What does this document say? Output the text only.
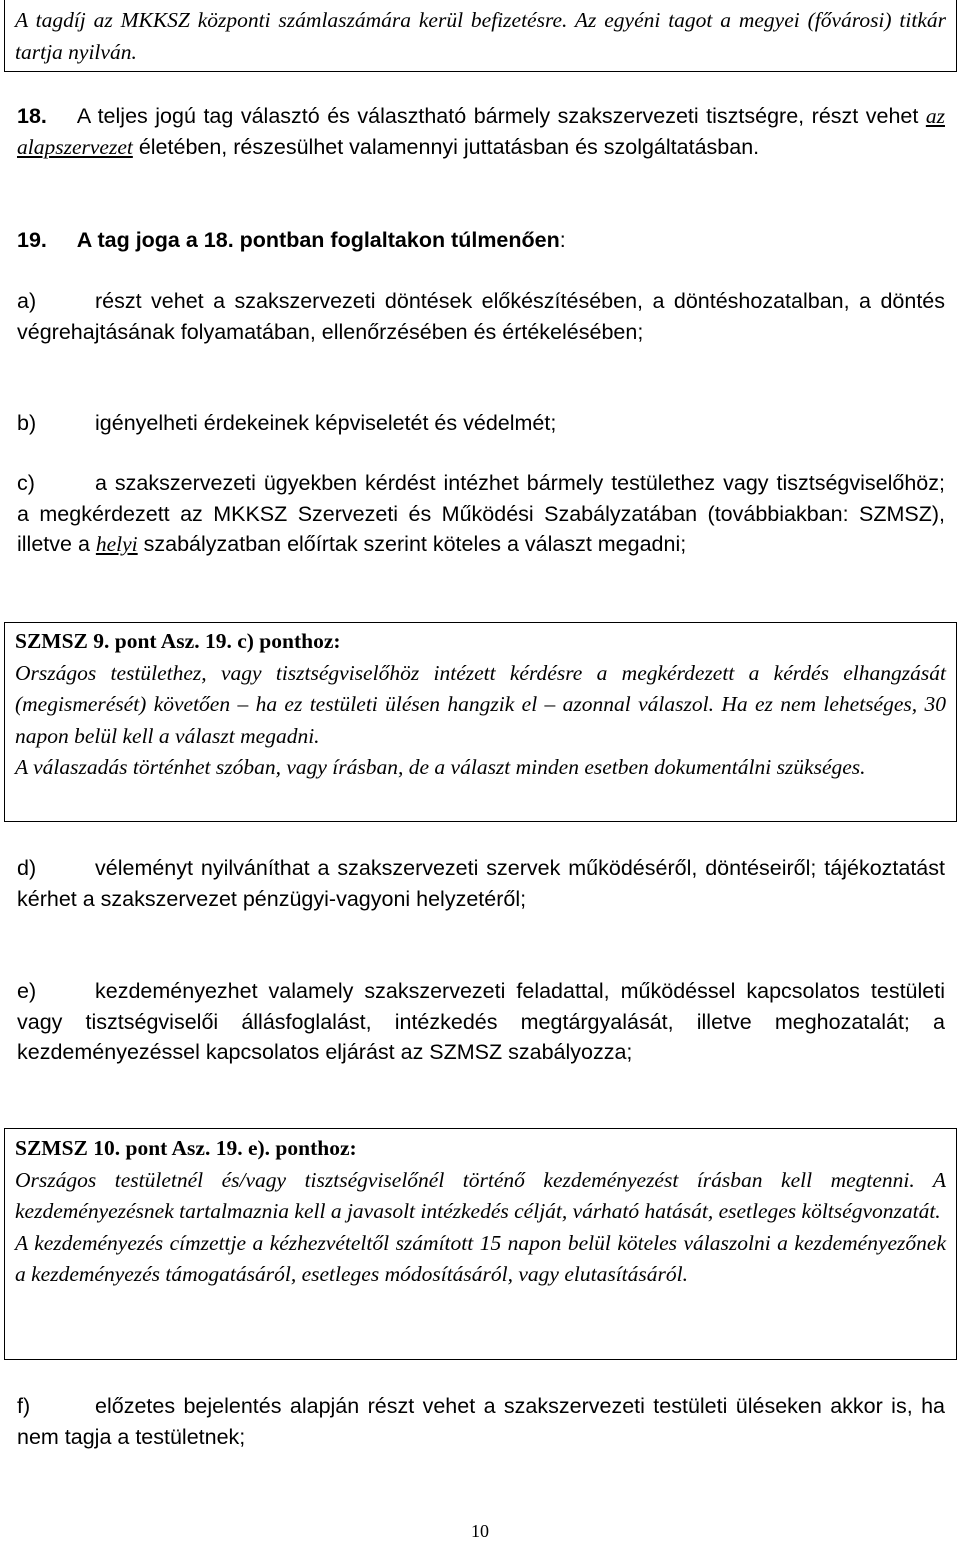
A tagdíj az MKKSZ központi számlaszámára kerül befizetésre. Az egyéni tagot a megyei (fővárosi) titkár tartja nyilván.
18. A teljes jogú tag választó és választható bármely szakszervezeti tisztségre, részt vehet az alapszervezet életében, részesülhet valamennyi juttatásban és szolgáltatásban.
19. A tag joga a 18. pontban foglaltakon túlmenően:
a)	részt vehet a szakszervezeti döntések előkészítésében, a döntéshozatalban, a döntés végrehajtásának folyamatában, ellenőrzésében és értékelésében;
b)	igényelheti érdekeinek képviseletét és védelmét;
c)	a szakszervezeti ügyekben kérdést intézhet bármely testülethez vagy tisztségviselőhöz; a megkérdezett az MKKSZ Szervezeti és Működési Szabályzatában (továbbiakban: SZMSZ), illetve a helyi szabályzatban előírtak szerint köteles a választ megadni;
SZMSZ 9. pont Asz. 19. c) ponthoz:
Országos testülethez, vagy tisztségviselőhöz intézett kérdésre a megkérdezett a kérdés elhangzását (megismerését) követően – ha ez testületi ülésen hangzik el – azonnal válaszol. Ha ez nem lehetséges, 30 napon belül kell a választ megadni.
A válaszadás történhet szóban, vagy írásban, de a választ minden esetben dokumentálni szükséges.
d)	véleményt nyilváníthat a szakszervezeti szervek működéséről, döntéseiről; tájékoztatást kérhet a szakszervezet pénzügyi-vagyoni helyzetéről;
e)	kezdeményezhet valamely szakszervezeti feladattal, működéssel kapcsolatos testületi vagy tisztségviselői állásfoglalást, intézkedés megtárgyalását, illetve meghozatalát; a kezdeményezéssel kapcsolatos eljárást az SZMSZ szabályozza;
SZMSZ 10. pont Asz. 19. e). ponthoz:
Országos testületnél és/vagy tisztségviselőnél történő kezdeményezést írásban kell megtenni. A kezdeményezésnek tartalmaznia kell a javasolt intézkedés célját, várható hatását, esetleges költségvonzatát.
A kezdeményezés címzettje a kézhezvételtől számított 15 napon belül köteles válaszolni a kezdeményezőnek a kezdeményezés támogatásáról, esetleges módosításáról, vagy elutasításáról.
f)	előzetes bejelentés alapján részt vehet a szakszervezeti testületi üléseken akkor is, ha nem tagja a testületnek;
10
